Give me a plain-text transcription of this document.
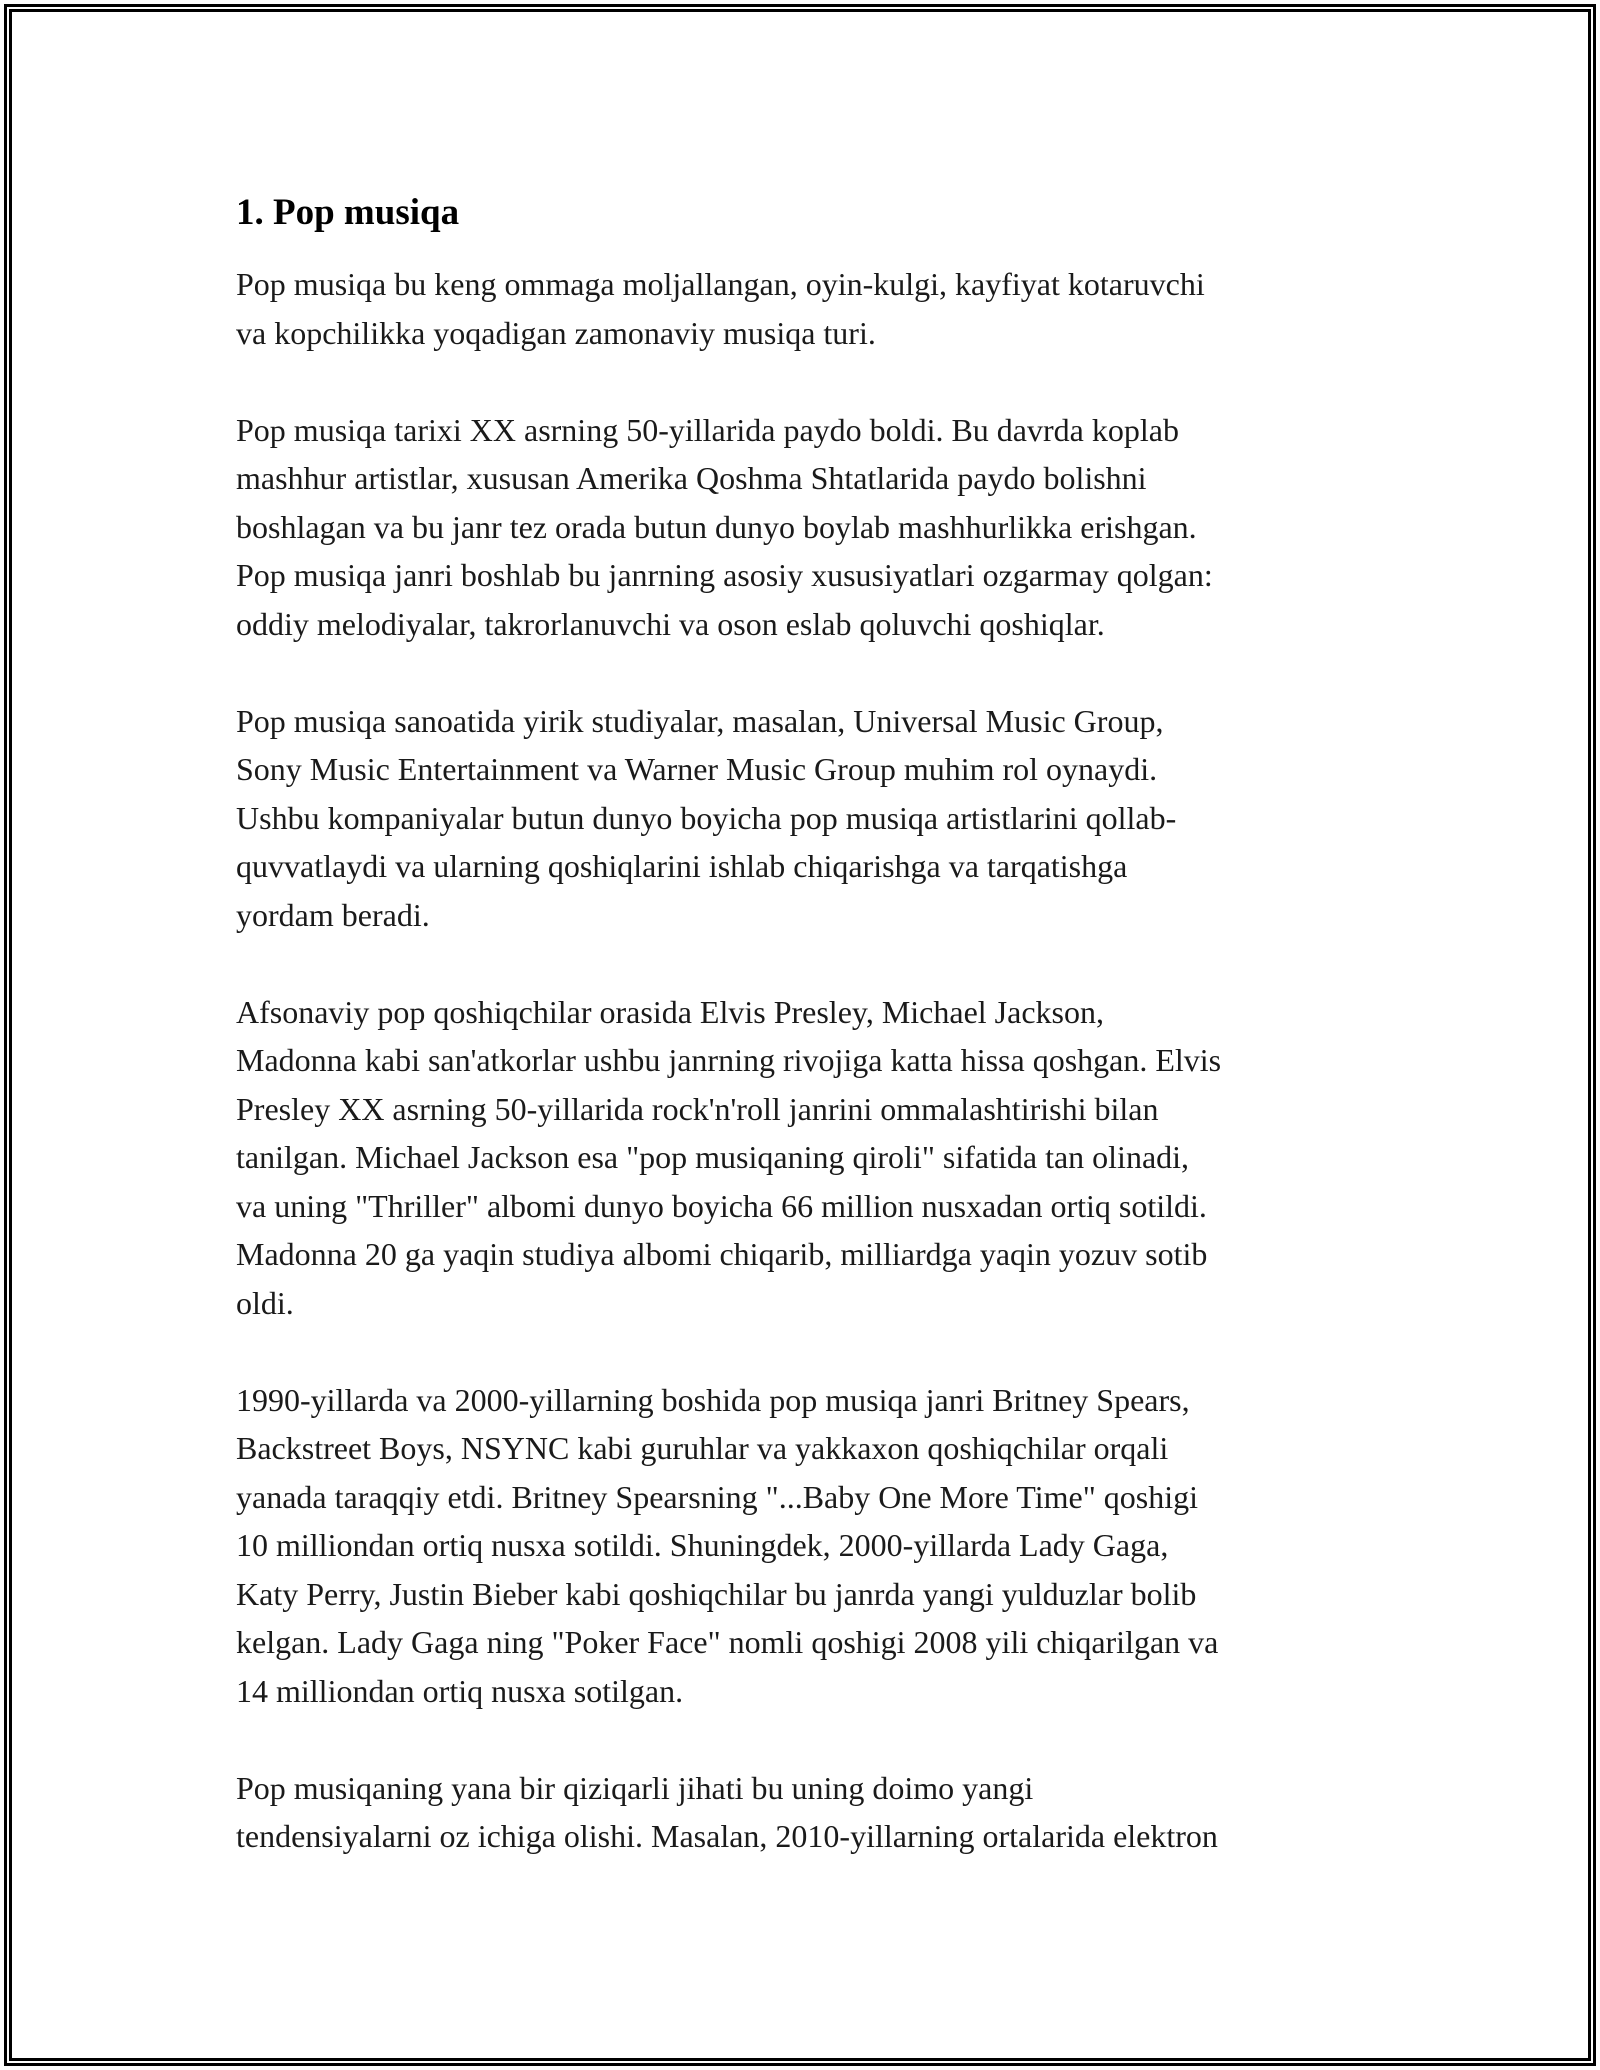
1. Pop musiqa

Pop musiqa bu keng ommaga moljallangan, oyin-kulgi, kayfiyat kotaruvchi
va kopchilikka yoqadigan zamonaviy musiqa turi.

Pop musiqa tarixi XX asrning 50-yillarida paydo boldi. Bu davrda koplab
mashhur artistlar, xususan Amerika Qoshma Shtatlarida paydo bolishni
boshlagan va bu janr tez orada butun dunyo boylab mashhurlikka erishgan.
Pop musiqa janri boshlab bu janrning asosiy xususiyatlari ozgarmay qolgan:
oddiy melodiyalar, takrorlanuvchi va oson eslab qoluvchi qoshiqlar.

Pop musiqa sanoatida yirik studiyalar, masalan, Universal Music Group,
Sony Music Entertainment va Warner Music Group muhim rol oynaydi.
Ushbu kompaniyalar butun dunyo boyicha pop musiqa artistlarini qollab-
quvvatlaydi va ularning qoshiqlarini ishlab chiqarishga va tarqatishga
yordam beradi.

Afsonaviy pop qoshiqchilar orasida Elvis Presley, Michael Jackson,
Madonna kabi san'atkorlar ushbu janrning rivojiga katta hissa qoshgan. Elvis
Presley XX asrning 50-yillarida rock'n'roll janrini ommalashtirishi bilan
tanilgan. Michael Jackson esa "pop musiqaning qiroli" sifatida tan olinadi,
va uning "Thriller" albomi dunyo boyicha 66 million nusxadan ortiq sotildi.
Madonna 20 ga yaqin studiya albomi chiqarib, milliardga yaqin yozuv sotib
oldi.

1990-yillarda va 2000-yillarning boshida pop musiqa janri Britney Spears,
Backstreet Boys, NSYNC kabi guruhlar va yakkaxon qoshiqchilar orqali
yanada taraqqiy etdi. Britney Spearsning "...Baby One More Time" qoshigi
10 milliondan ortiq nusxa sotildi. Shuningdek, 2000-yillarda Lady Gaga,
Katy Perry, Justin Bieber kabi qoshiqchilar bu janrda yangi yulduzlar bolib
kelgan. Lady Gaga ning "Poker Face" nomli qoshigi 2008 yili chiqarilgan va
14 milliondan ortiq nusxa sotilgan.

Pop musiqaning yana bir qiziqarli jihati bu uning doimo yangi
tendensiyalarni oz ichiga olishi. Masalan, 2010-yillarning ortalarida elektron
